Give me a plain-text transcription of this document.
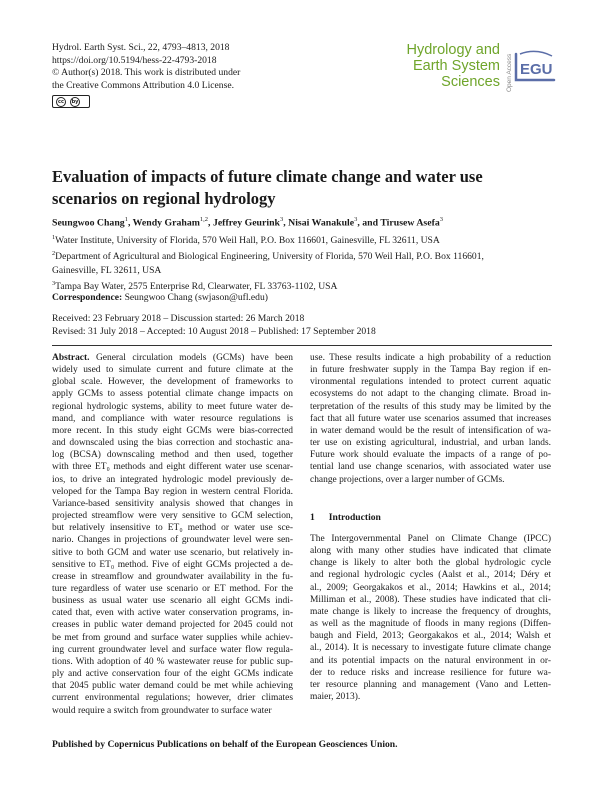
Hydrol. Earth Syst. Sci., 22, 4793–4813, 2018
https://doi.org/10.5194/hess-22-4793-2018
© Author(s) 2018. This work is distributed under
the Creative Commons Attribution 4.0 License.
cc	by
Hydrology and
Earth System
Sciences Open Access EGU
Evaluation of impacts of future climate change and water use
scenarios on regional hydrology
Seungwoo Chang$^1$, Wendy Graham$^{1,2}$, Jeffrey Geurink$^3$, Nisai Wanakule$^3$, and Tirusew Asefa$^3$
$^1$Water Institute, University of Florida, 570 Weil Hall, P.O. Box 116601, Gainesville, FL 32611, USA
$^2$Department of Agricultural and Biological Engineering, University of Florida, 570 Weil Hall, P.O. Box 116601,
Gainesville, FL 32611, USA
$^3$Tampa Bay Water, 2575 Enterprise Rd, Clearwater, FL 33763-1102, USA
Correspondence: Seungwoo Chang (swjason@ufl.edu)
Received: 23 February 2018 – Discussion started: 26 March 2018
Revised: 31 July 2018 – Accepted: 10 August 2018 – Published: 17 September 2018
Abstract. General circulation models (GCMs) have been
widely used to simulate current and future climate at the
global scale. However, the development of frameworks to
apply GCMs to assess potential climate change impacts on
regional hydrologic systems, ability to meet future water de-
mand, and compliance with water resource regulations is
more recent. In this study eight GCMs were bias-corrected
and downscaled using the bias correction and stochastic ana-
log (BCSA) downscaling method and then used, together
with three ET₀ methods and eight different water use scenar-
ios, to drive an integrated hydrologic model previously de-
veloped for the Tampa Bay region in western central Florida.
Variance-based sensitivity analysis showed that changes in
projected streamflow were very sensitive to GCM selection,
but relatively insensitive to ET₀ method or water use sce-
nario. Changes in projections of groundwater level were sen-
sitive to both GCM and water use scenario, but relatively in-
sensitive to ET₀ method. Five of eight GCMs projected a de-
crease in streamflow and groundwater availability in the fu-
ture regardless of water use scenario or ET method. For the
business as usual water use scenario all eight GCMs indi-
cated that, even with active water conservation programs, in-
creases in public water demand projected for 2045 could not
be met from ground and surface water supplies while achiev-
ing current groundwater level and surface water flow regula-
tions. With adoption of 40 % wastewater reuse for public sup-
ply and active conservation four of the eight GCMs indicate
that 2045 public water demand could be met while achieving
current environmental regulations; however, drier climates
would require a switch from groundwater to surface water
use. These results indicate a high probability of a reduction
in future freshwater supply in the Tampa Bay region if en-
vironmental regulations intended to protect current aquatic
ecosystems do not adapt to the changing climate. Broad in-
terpretation of the results of this study may be limited by the
fact that all future water use scenarios assumed that increases
in water demand would be the result of intensification of wa-
ter use on existing agricultural, industrial, and urban lands.
Future work should evaluate the impacts of a range of po-
tential land use change scenarios, with associated water use
change projections, over a larger number of GCMs.
1 Introduction
The Intergovernmental Panel on Climate Change (IPCC)
along with many other studies have indicated that climate
change is likely to alter both the global hydrologic cycle
and regional hydrologic cycles (Aalst et al., 2014; Déry et
al., 2009; Georgakakos et al., 2014; Hawkins et al., 2014;
Milliman et al., 2008). These studies have indicated that cli-
mate change is likely to increase the frequency of droughts,
as well as the magnitude of floods in many regions (Diffen-
baugh and Field, 2013; Georgakakos et al., 2014; Walsh et
al., 2014). It is necessary to investigate future climate change
and its potential impacts on the natural environment in or-
der to reduce risks and increase resilience for future wa-
ter resource planning and management (Vano and Letten-
maier, 2013).
Published by Copernicus Publications on behalf of the European Geosciences Union.
